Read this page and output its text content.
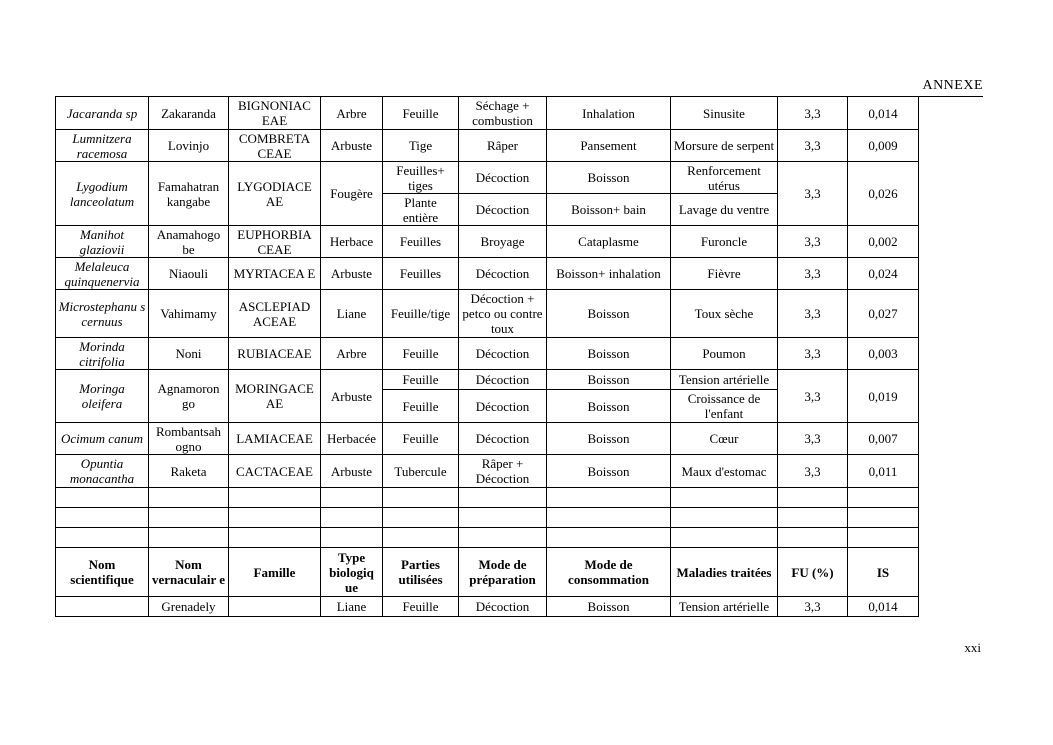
ANNEXE
Jacaranda sp	Zakaranda	BIGNONIAC EAE	Arbre	Feuille	Séchage + combustion	Inhalation	Sinusite	3,3	0,014
Lumnitzera racemosa	Lovinjo	COMBRETA CEAE	Arbuste	Tige	Râper	Pansement	Morsure de serpent	3,3	0,009
Lygodium lanceolatum	Famahatran kangabe	LYGODIACE AE	Fougère	Feuilles+ tiges	Décoction	Boisson	Renforcement utérus	3,3	0,026
				Plante entière	Décoction	Boisson+ bain	Lavage du ventre		
Manihot glaziovii	Anamahogo be	EUPHORBIA CEAE	Herbace	Feuilles	Broyage	Cataplasme	Furoncle	3,3	0,002
Melaleuca quinquenervia	Niaouli	MYRTACEA E	Arbuste	Feuilles	Décoction	Boisson+ inhalation	Fièvre	3,3	0,024
Microstephanu s cernuus	Vahimamy	ASCLEPIAD ACEAE	Liane	Feuille/tige	Décoction + petco ou contre toux	Boisson	Toux sèche	3,3	0,027
Morinda citrifolia	Noni	RUBIACEAE	Arbre	Feuille	Décoction	Boisson	Poumon	3,3	0,003
Moringa oleifera	Agnamoron go	MORINGACE AE	Arbuste	Feuille	Décoction	Boisson	Tension artérielle	3,3	0,019
				Feuille	Décoction	Boisson	Croissance de l'enfant		
Ocimum canum	Rombantsah ogno	LAMIACEAE	Herbacée	Feuille	Décoction	Boisson	Cœur	3,3	0,007
Opuntia monacantha	Raketa	CACTACEAE	Arbuste	Tubercule	Râper + Décoction	Boisson	Maux d'estomac	3,3	0,011

Nom scientifique	Nom vernaculair e	Famille	Type biologiq ue	Parties utilisées	Mode de préparation	Mode de consommation	Maladies traitées	FU (%)	IS
	Grenadely		Liane	Feuille	Décoction	Boisson	Tension artérielle	3,3	0,014
xxi
